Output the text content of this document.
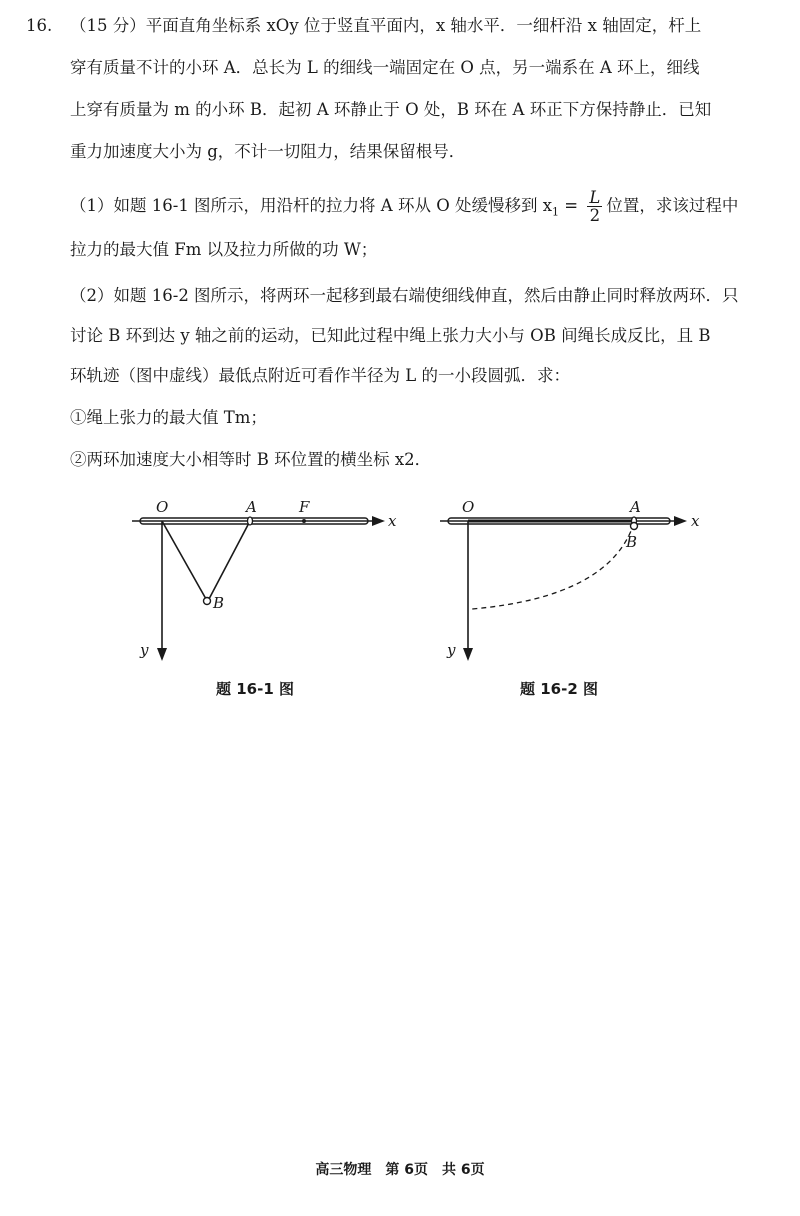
16. （15 分）平面直角坐标系 xOy 位于竖直平面内，x 轴水平．一细杆沿 x 轴固定，杆上
穿有质量不计的小环 A．总长为 L 的细线一端固定在 O 点，另一端系在 A 环上，细线
上穿有质量为 m 的小环 B．起初 A 环静止于 O 处，B 环在 A 环正下方保持静止．已知
重力加速度大小为 g，不计一切阻力，结果保留根号．
（1）如题 16-1 图所示，用沿杆的拉力将 A 环从 O 处缓慢移到 $x_1 = \frac{L}{2}$ 位置，求该过程中
拉力的最大值 Fm 以及拉力所做的功 W；
（2）如题 16-2 图所示，将两环一起移到最右端使细线伸直，然后由静止同时释放两环．只
讨论 B 环到达 y 轴之前的运动，已知此过程中绳上张力大小与 OB 间绳长成反比，且 B
环轨迹（图中虚线）最低点附近可看作半径为 L 的一小段圆弧．求：
①绳上张力的最大值 Tm；
②两环加速度大小相等时 B 环位置的横坐标 x2．
O	A	F
B
x
y
题 16-1 图
O	A
B
x
y
题 16-2 图
高三物理　第 6页　共 6页
